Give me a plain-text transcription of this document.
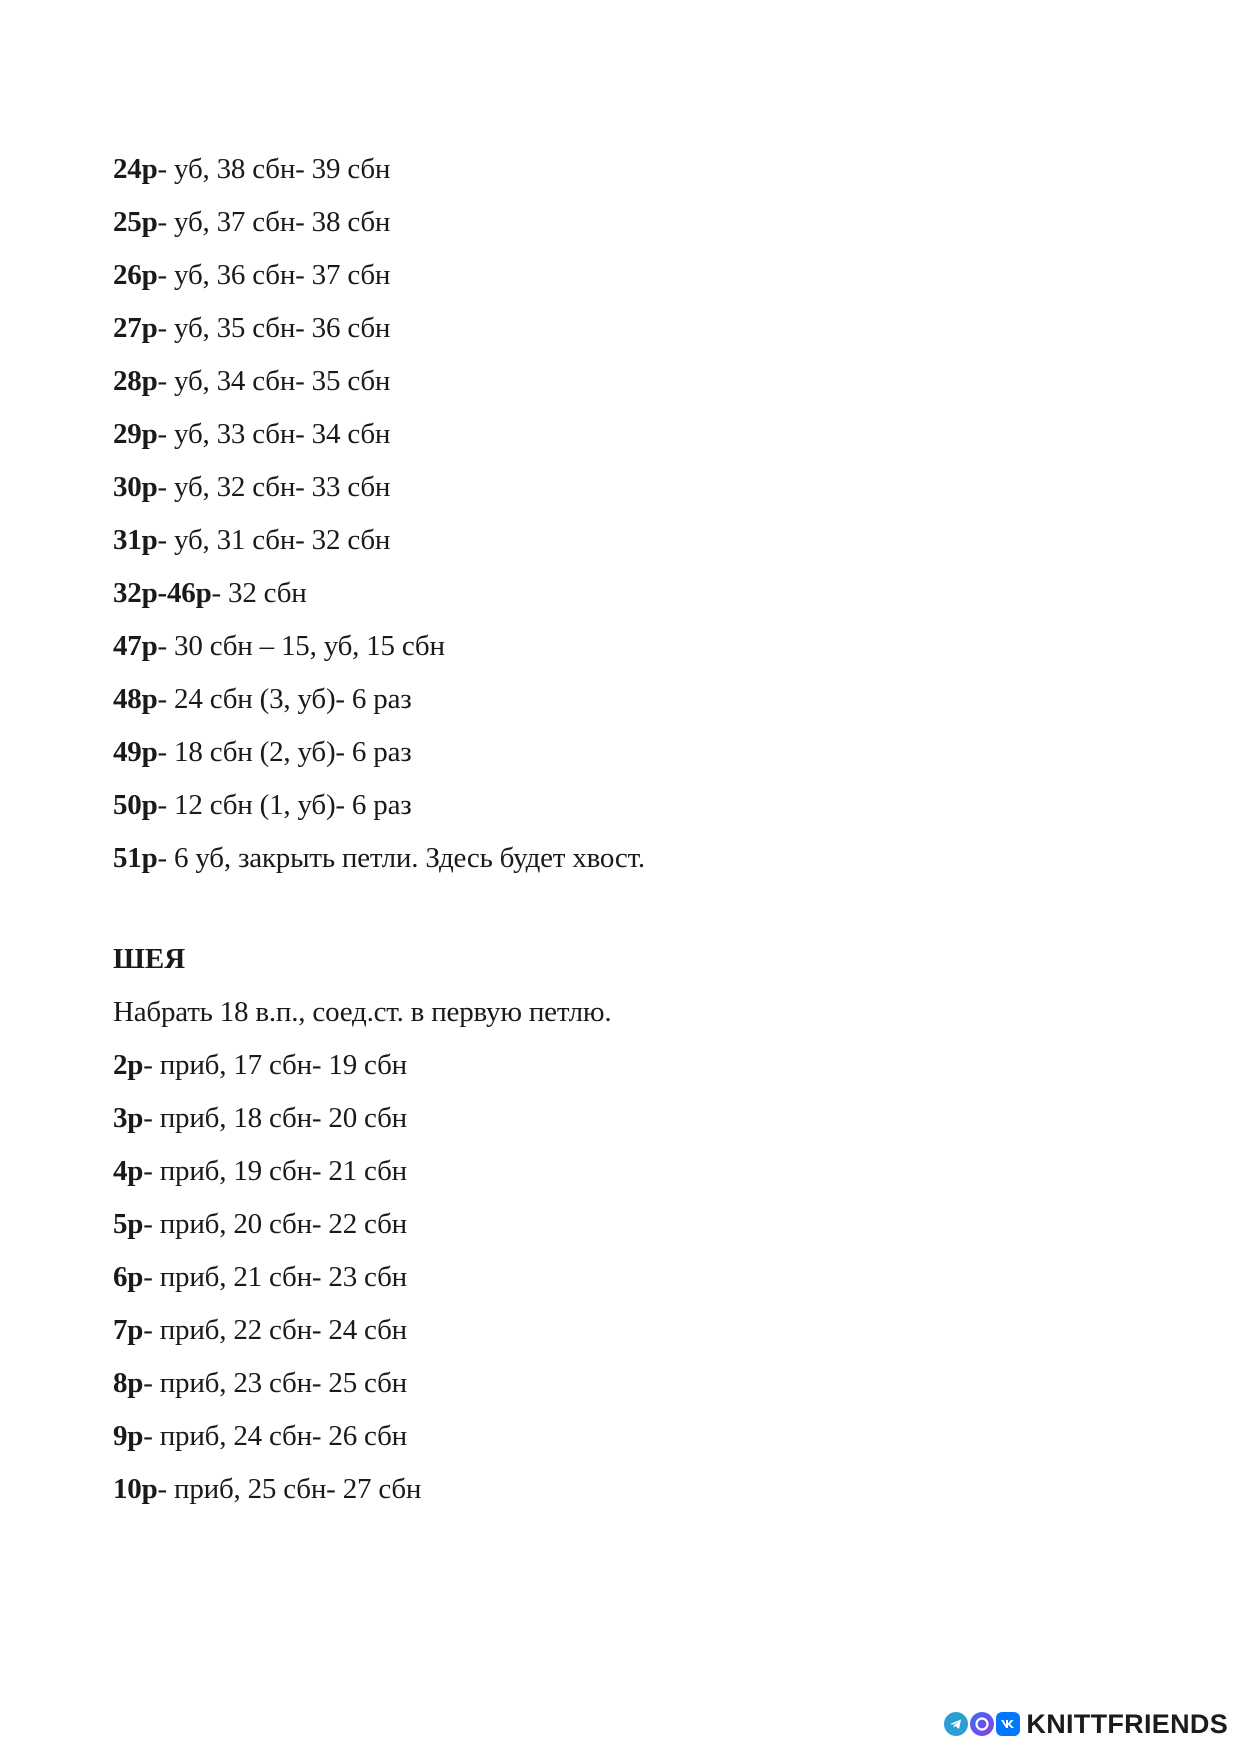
24р- уб, 38 сбн- 39 сбн
25р- уб, 37 сбн- 38 сбн
26р- уб, 36 сбн- 37 сбн
27р- уб, 35 сбн- 36 сбн
28р- уб, 34 сбн- 35 сбн
29р- уб, 33 сбн- 34 сбн
30р- уб, 32 сбн- 33 сбн
31р- уб, 31 сбн- 32 сбн
32р-46р- 32 сбн
47р- 30 сбн – 15, уб, 15 сбн
48р- 24 сбн (3, уб)- 6 раз
49р- 18 сбн (2, уб)- 6 раз
50р- 12 сбн (1, уб)- 6 раз
51р- 6 уб, закрыть петли. Здесь будет хвост.
ШЕЯ
Набрать 18 в.п., соед.ст. в первую петлю.
2р- приб, 17 сбн- 19 сбн
3р- приб, 18 сбн- 20 сбн
4р- приб, 19 сбн- 21 сбн
5р- приб, 20 сбн- 22 сбн
6р- приб, 21 сбн- 23 сбн
7р- приб, 22 сбн- 24 сбн
8р- приб, 23 сбн- 25 сбн
9р- приб, 24 сбн- 26 сбн
10р- приб, 25 сбн- 27 сбн
KNITTFRIENDS
